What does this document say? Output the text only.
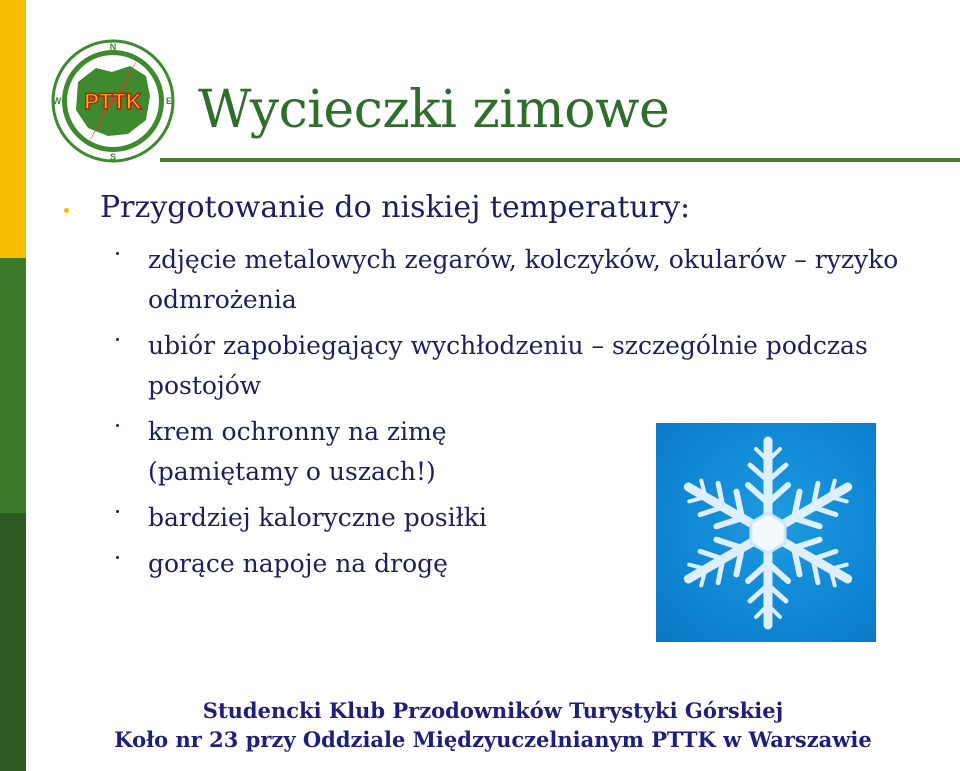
PTTK
N
E
S
W	Wycieczki zimowe
Przygotowanie do niskiej temperatury:
zdjęcie metalowych zegarów, kolczyków, okularów – ryzyko odmrożenia
ubiór zapobiegający wychłodzeniu – szczególnie podczas postojów
krem ochronny na zimę (pamiętamy o uszach!)
bardziej kaloryczne posiłki
gorące napoje na drogę
Studencki Klub Przodowników Turystyki Górskiej
Koło nr 23 przy Oddziale Międzyuczelnianym PTTK w Warszawie
